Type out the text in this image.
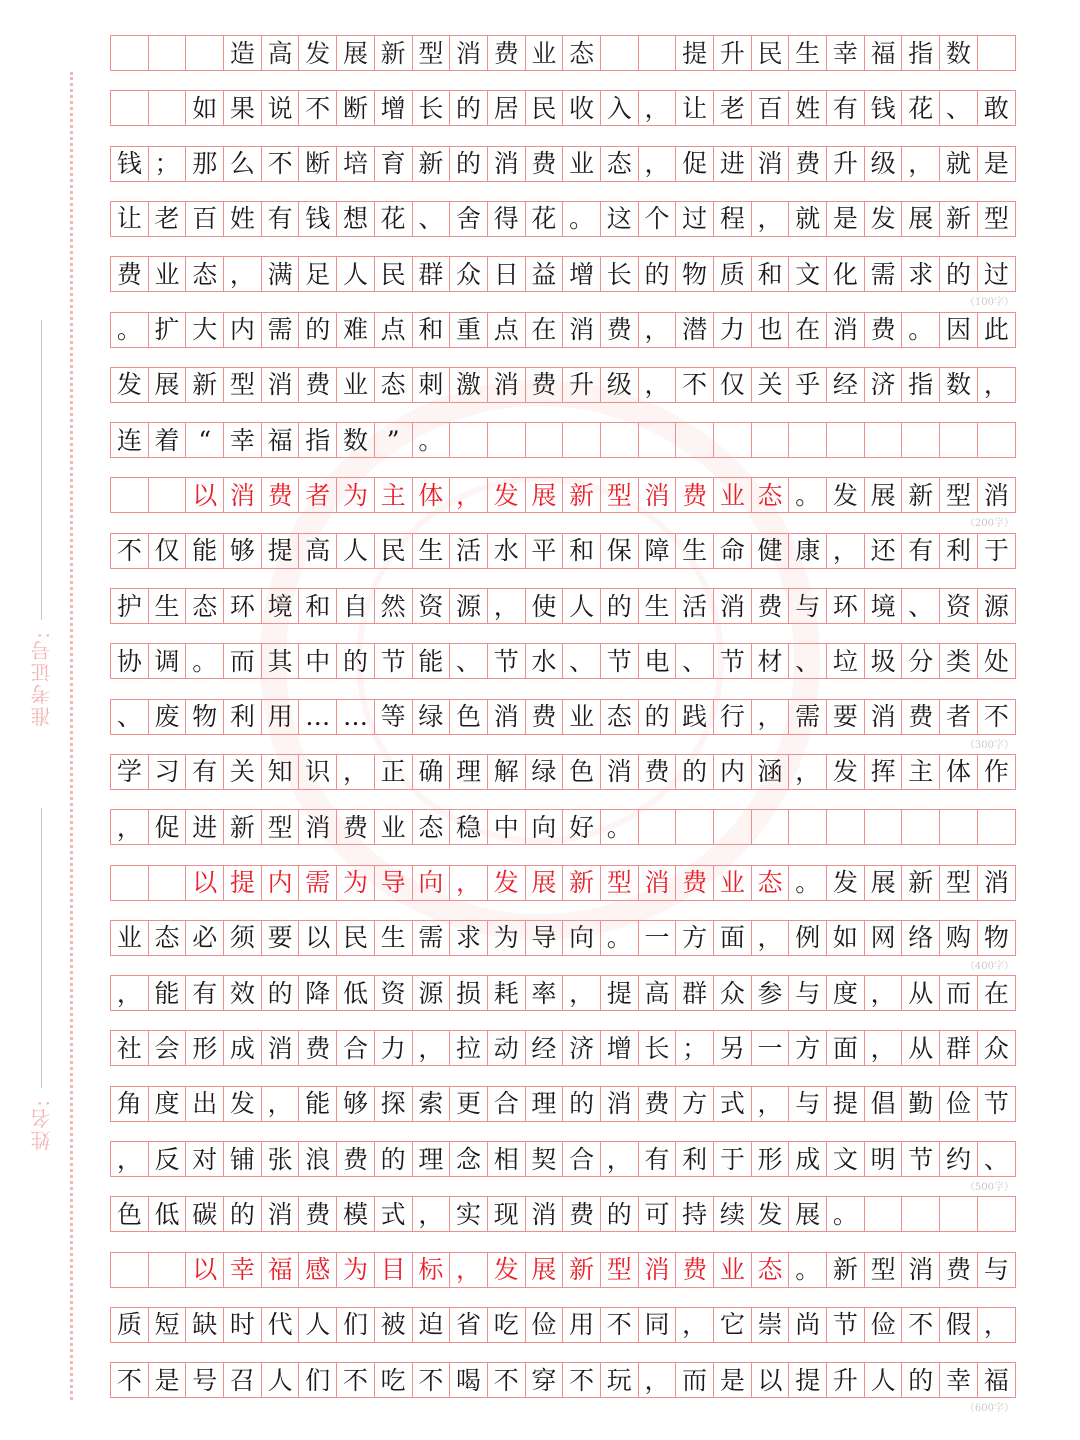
准考证号:
姓名:
造 高 发 展 新 型 消 费 业 态	提 升 民 生 幸 福 指 数
如 果 说 不 断 增 长 的 居 民 收 入 ， 让 老 百 姓 有 钱 花 、 敢
钱 ； 那 么 不 断 培 育 新 的 消 费 业 态 ， 促 进 消 费 升 级 ， 就 是
让 老 百 姓 有 钱 想 花 、 舍 得 花 。 这 个 过 程 ， 就 是 发 展 新 型
费 业 态 ， 满 足 人 民 群 众 日 益 增 长 的 物 质 和 文 化 需 求 的 过
。 扩 大 内 需 的 难 点 和 重 点 在 消 费 ， 潜 力 也 在 消 费 。 因 此
发 展 新 型 消 费 业 态 刺 激 消 费 升 级 ， 不 仅 关 乎 经 济 指 数 ，
连 着 “ 幸 福 指 数 ” 。
以 消 费 者 为 主 体 ， 发 展 新 型 消 费 业 态 。 发 展 新 型 消
不 仅 能 够 提 高 人 民 生 活 水 平 和 保 障 生 命 健 康 ， 还 有 利 于
护 生 态 环 境 和 自 然 资 源 ， 使 人 的 生 活 消 费 与 环 境 、 资 源
协 调 。 而 其 中 的 节 能 、 节 水 、 节 电 、 节 材 、 垃 圾 分 类 处
、 废 物 利 用 … … 等 绿 色 消 费 业 态 的 践 行 ， 需 要 消 费 者 不
学 习 有 关 知 识 ， 正 确 理 解 绿 色 消 费 的 内 涵 ， 发 挥 主 体 作
， 促 进 新 型 消 费 业 态 稳 中 向 好 。
以 提 内 需 为 导 向 ， 发 展 新 型 消 费 业 态 。 发 展 新 型 消
业 态 必 须 要 以 民 生 需 求 为 导 向 。 一 方 面 ， 例 如 网 络 购 物
， 能 有 效 的 降 低 资 源 损 耗 率 ， 提 高 群 众 参 与 度 ， 从 而 在
社 会 形 成 消 费 合 力 ， 拉 动 经 济 增 长 ； 另 一 方 面 ， 从 群 众
角 度 出 发 ， 能 够 探 索 更 合 理 的 消 费 方 式 ， 与 提 倡 勤 俭 节
， 反 对 铺 张 浪 费 的 理 念 相 契 合 ， 有 利 于 形 成 文 明 节 约 、
色 低 碳 的 消 费 模 式 ， 实 现 消 费 的 可 持 续 发 展 。
以 幸 福 感 为 目 标 ， 发 展 新 型 消 费 业 态 。 新 型 消 费 与
质 短 缺 时 代 人 们 被 迫 省 吃 俭 用 不 同 ， 它 崇 尚 节 俭 不 假 ，
不 是 号 召 人 们 不 吃 不 喝 不 穿 不 玩 ， 而 是 以 提 升 人 的 幸 福
（100字）
（200字）
（300字）
（400字）
（500字）
（600字）
